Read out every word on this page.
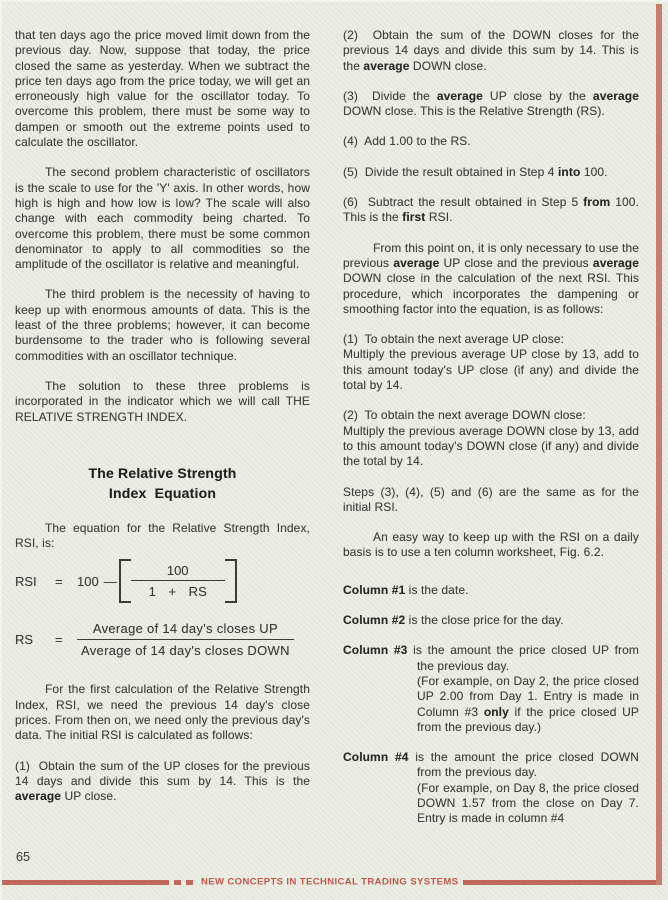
that ten days ago the price moved limit down from the previous day. Now, suppose that today, the price closed the same as yesterday. When we subtract the price ten days ago from the price today, we will get an erroneously high value for the oscillator today. To overcome this problem, there must be some way to dampen or smooth out the extreme points used to calculate the oscillator.

The second problem characteristic of oscillators is the scale to use for the 'Y' axis. In other words, how high is high and how low is low? The scale will also change with each commodity being charted. To overcome this problem, there must be some common denominator to apply to all commodities so the amplitude of the oscillator is relative and meaningful.

The third problem is the necessity of having to keep up with enormous amounts of data. This is the least of the three problems; however, it can become burdensome to the trader who is following several commodities with an oscillator technique.

The solution to these three problems is incorporated in the indicator which we will call THE RELATIVE STRENGTH INDEX.

The Relative Strength
Index  Equation

The equation for the Relative Strength Index, RSI, is:

RSI	=	100 — $\frac{100}{1 + RS}$
RS	=	$\frac{\text{Average of 14 day's closes UP}}{\text{Average of 14 day's closes DOWN}}$

For the first calculation of the Relative Strength Index, RSI, we need the previous 14 day's close prices. From then on, we need only the previous day's data. The initial RSI is calculated as follows:

(1)  Obtain the sum of the UP closes for the previous 14 days and divide this sum by 14. This is the average UP close.

(2)  Obtain the sum of the DOWN closes for the previous 14 days and divide this sum by 14. This is the average DOWN close.

(3)  Divide the average UP close by the average DOWN close. This is the Relative Strength (RS).

(4)  Add 1.00 to the RS.

(5)  Divide the result obtained in Step 4 into 100.

(6)  Subtract the result obtained in Step 5 from 100. This is the first RSI.

From this point on, it is only necessary to use the previous average UP close and the previous average DOWN close in the calculation of the next RSI. This procedure, which incorporates the dampening or smoothing factor into the equation, is as follows:

(1)  To obtain the next average UP close:
Multiply the previous average UP close by 13, add to this amount today's UP close (if any) and divide the total by 14.

(2)  To obtain the next average DOWN close:
Multiply the previous average DOWN close by 13, add to this amount today's DOWN close (if any) and divide the total by 14.

Steps (3), (4), (5) and (6) are the same as for the initial RSI.

An easy way to keep up with the RSI on a daily basis is to use a ten column worksheet, Fig. 6.2.

Column #1 is the date.

Column #2 is the close price for the day.

Column #3 is the amount the price closed UP from the previous day.
(For example, on Day 2, the price closed UP 2.00 from Day 1. Entry is made in Column #3 only if the price closed UP from the previous day.)

Column #4 is the amount the price closed DOWN from the previous day.
(For example, on Day 8, the price closed DOWN 1.57 from the close on Day 7. Entry is made in column #4

65
NEW CONCEPTS IN TECHNICAL TRADING SYSTEMS
